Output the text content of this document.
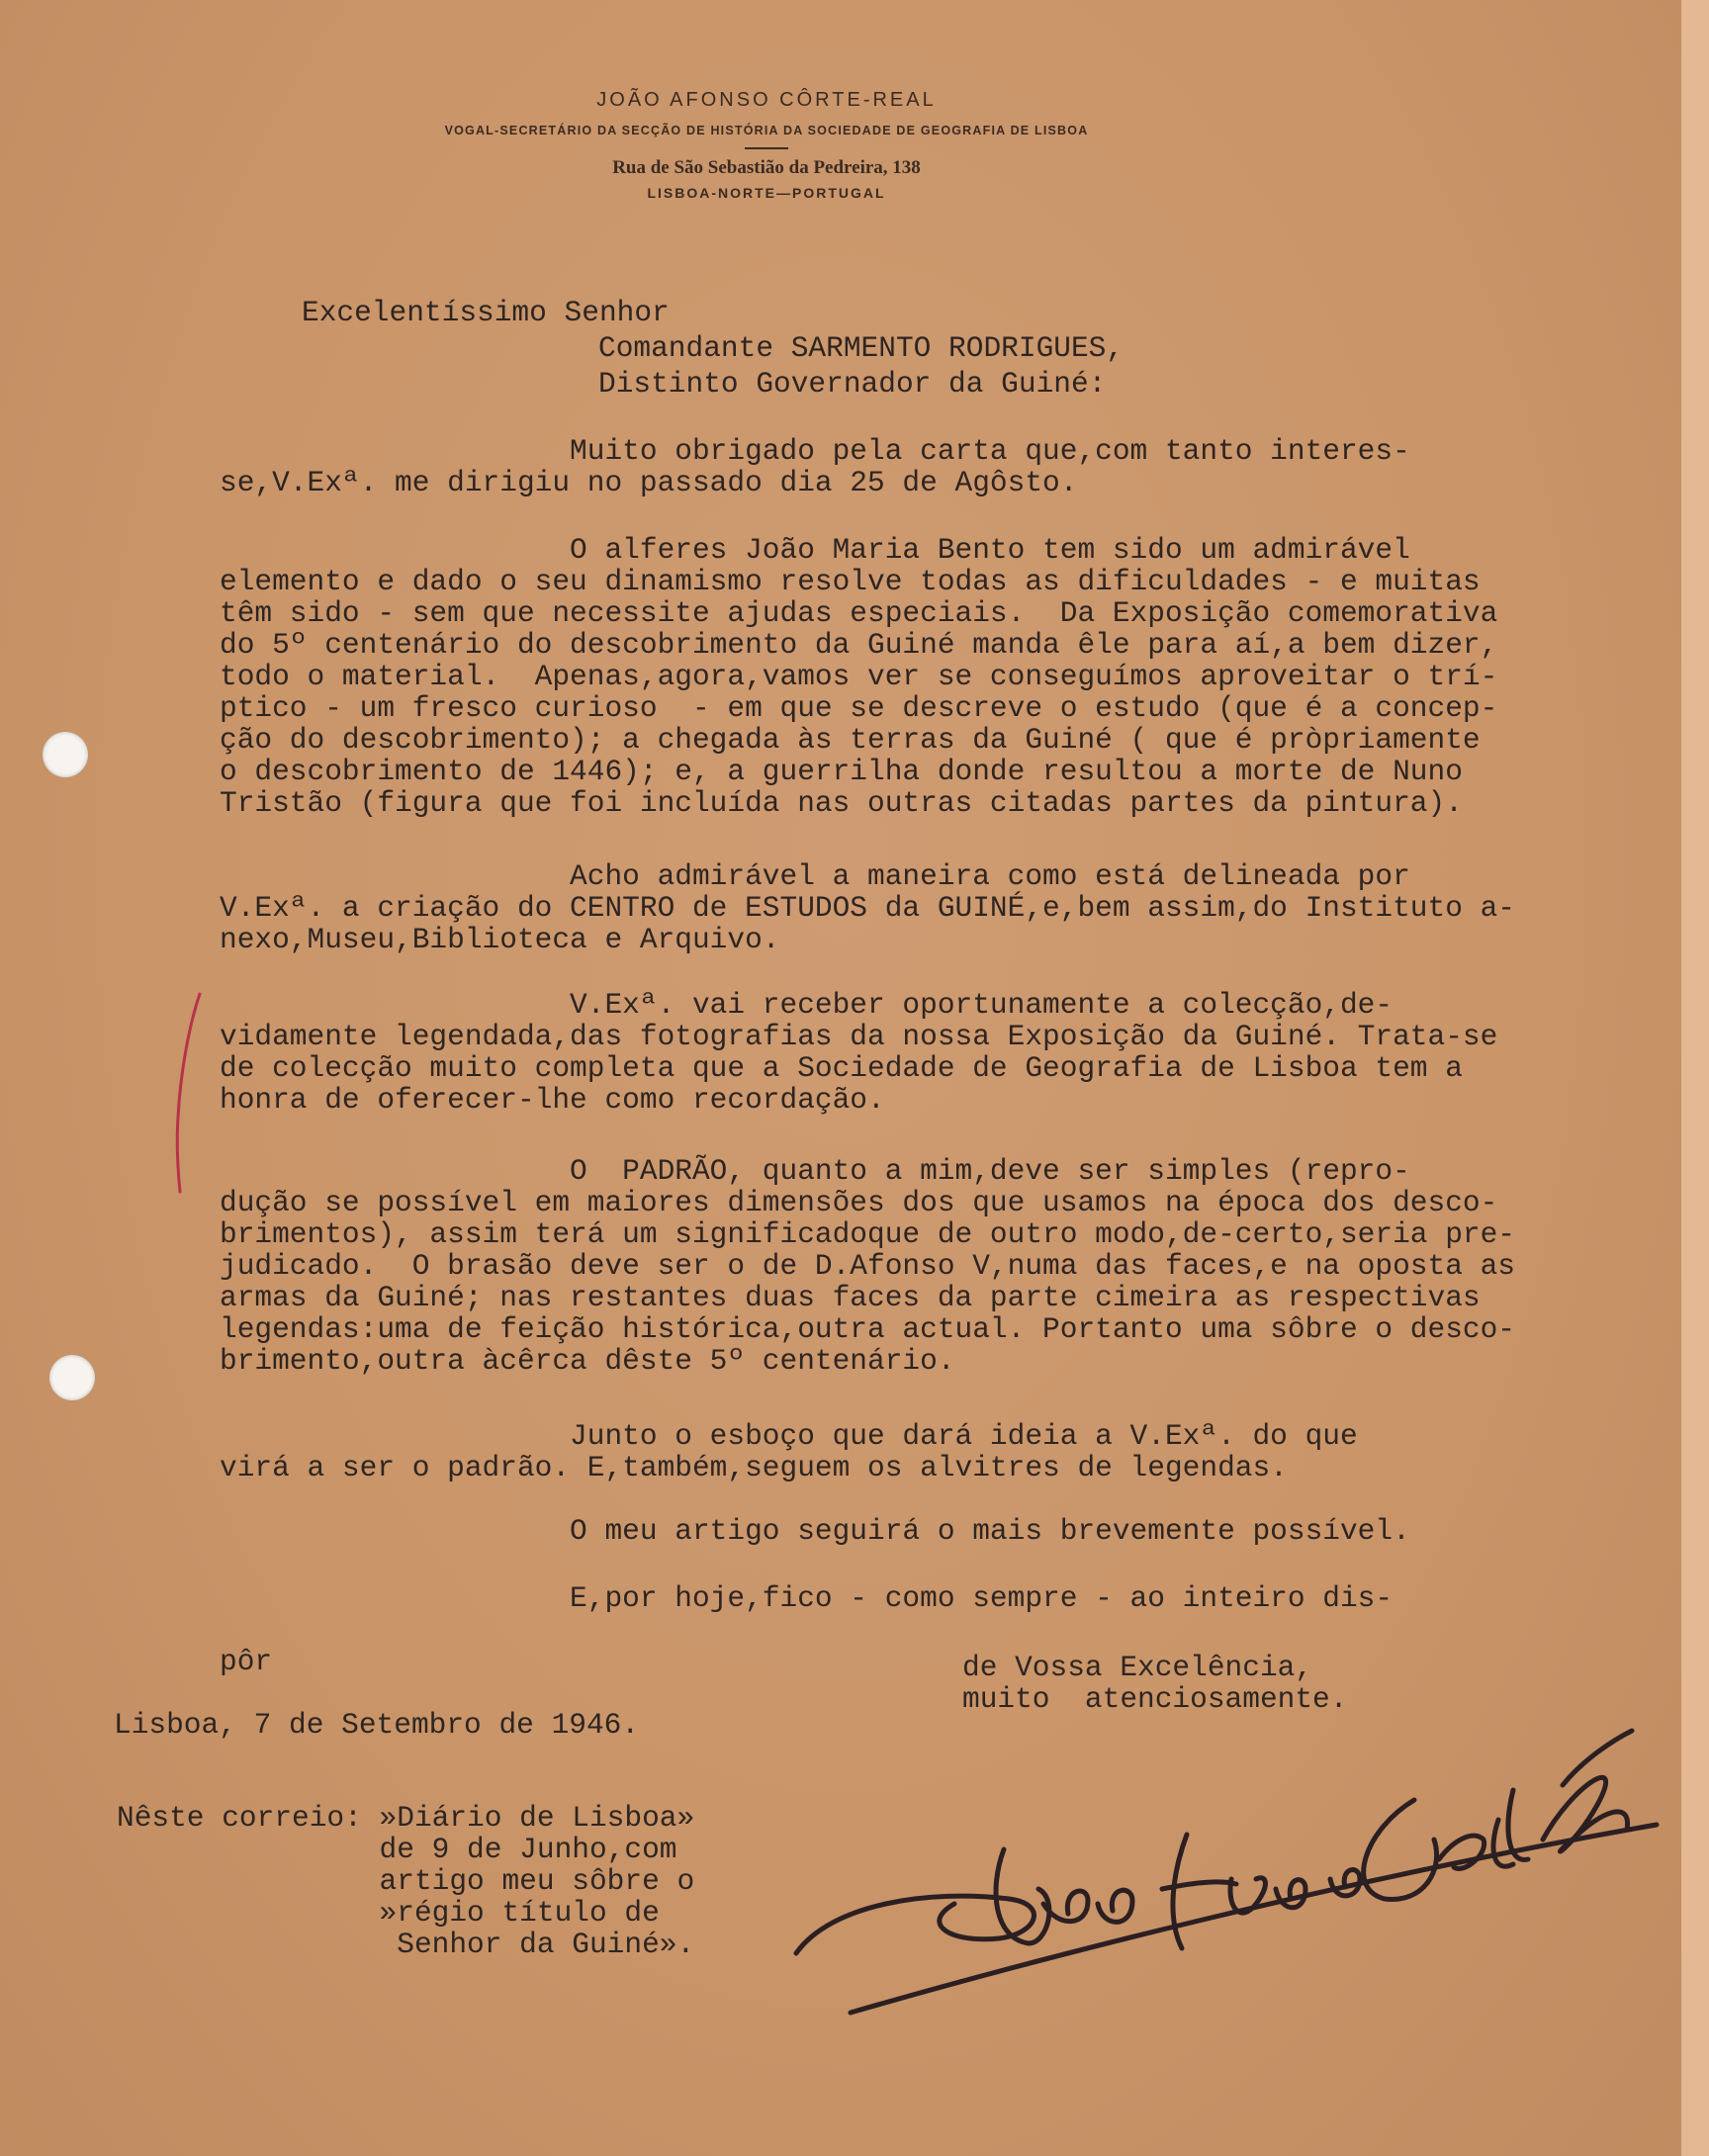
JOÃO AFONSO CÔRTE-REAL
VOGAL-SECRETÁRIO DA SECÇÃO DE HISTÓRIA DA SOCIEDADE DE GEOGRAFIA DE LISBOA
Rua de São Sebastião da Pedreira, 138
LISBOA-NORTE—PORTUGAL

Excelentíssimo Senhor

Comandante SARMENTO RODRIGUES,

Distinto Governador da Guiné:

Muito obrigado pela carta que,com tanto interes-
se,V.Exª. me dirigiu no passado dia 25 de Agôsto.

O alferes João Maria Bento tem sido um admirável
elemento e dado o seu dinamismo resolve todas as dificuldades - e muitas
têm sido - sem que necessite ajudas especiais.  Da Exposição comemorativa
do 5º centenário do descobrimento da Guiné manda êle para aí,a bem dizer,
todo o material.  Apenas,agora,vamos ver se conseguímos aproveitar o trí-
ptico - um fresco curioso  - em que se descreve o estudo (que é a concep-
ção do descobrimento); a chegada às terras da Guiné ( que é pròpriamente
o descobrimento de 1446); e, a guerrilha donde resultou a morte de Nuno
Tristão (figura que foi incluída nas outras citadas partes da pintura).

Acho admirável a maneira como está delineada por
V.Exª. a criação do CENTRO de ESTUDOS da GUINÉ,e,bem assim,do Instituto a-
nexo,Museu,Biblioteca e Arquivo.

V.Exª. vai receber oportunamente a colecção,de-
vidamente legendada,das fotografias da nossa Exposição da Guiné. Trata-se
de colecção muito completa que a Sociedade de Geografia de Lisboa tem a
honra de oferecer-lhe como recordação.

O  PADRÃO, quanto a mim,deve ser simples (repro-
dução se possível em maiores dimensões dos que usamos na época dos desco-
brimentos), assim terá um significadoque de outro modo,de-certo,seria pre-
judicado.  O brasão deve ser o de D.Afonso V,numa das faces,e na oposta as
armas da Guiné; nas restantes duas faces da parte cimeira as respectivas
legendas:uma de feição histórica,outra actual. Portanto uma sôbre o desco-
brimento,outra àcêrca dêste 5º centenário.

Junto o esboço que dará ideia a V.Exª. do que
virá a ser o padrão. E,também,seguem os alvitres de legendas.

O meu artigo seguirá o mais brevemente possível.

E,por hoje,fico - como sempre - ao inteiro dis-

pôr	de Vossa Excelência,
muito  atenciosamente.

Lisboa, 7 de Setembro de 1946.

Nêste correio: »Diário de Lisboa»
de 9 de Junho,com
artigo meu sôbre o
»régio título de
Senhor da Guiné».
